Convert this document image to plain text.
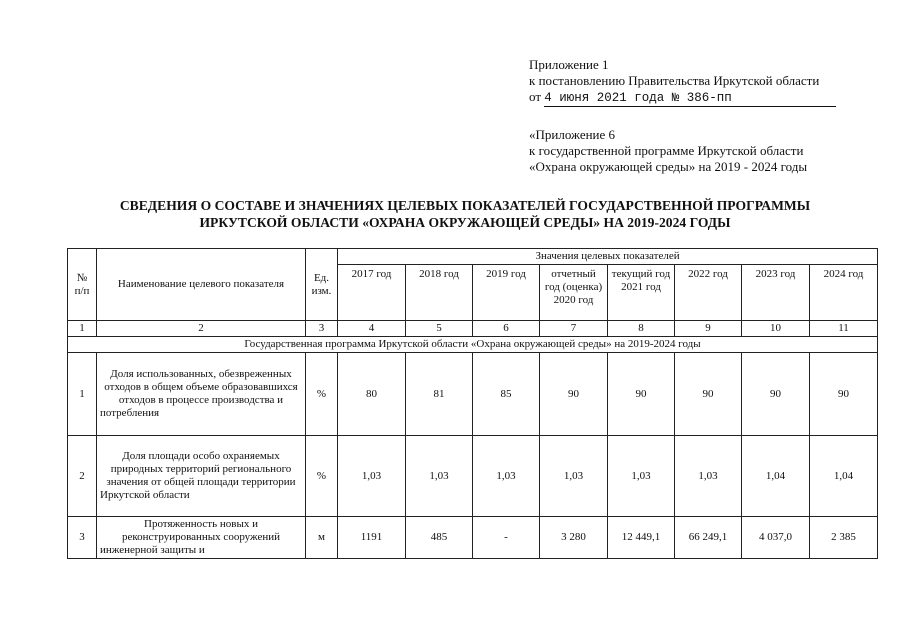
Приложение 1
к постановлению Правительства Иркутской области
от 4 июня 2021 года № 386-пп
«Приложение 6
к государственной программе Иркутской области
«Охрана окружающей среды» на 2019 - 2024 годы
СВЕДЕНИЯ О СОСТАВЕ И ЗНАЧЕНИЯХ ЦЕЛЕВЫХ ПОКАЗАТЕЛЕЙ ГОСУДАРСТВЕННОЙ ПРОГРАММЫ
ИРКУТСКОЙ ОБЛАСТИ «ОХРАНА ОКРУЖАЮЩЕЙ СРЕДЫ» НА 2019-2024 ГОДЫ
№ п/п	Наименование целевого показателя	Ед. изм.	Значения целевых показателей							
			2017 год	2018 год	2019 год	отчетный год (оценка) 2020 год	текущий год 2021 год	2022 год	2023 год	2024 год
1	2	3	4	5	6	7	8	9	10	11
Государственная программа Иркутской области «Охрана окружающей среды» на 2019-2024 годы										
1	Доля использованных, обезвреженных отходов в общем объеме образовавшихся отходов в процессе производства и потребления	%	80	81	85	90	90	90	90	90
2	Доля площади особо охраняемых природных территорий регионального значения от общей площади территории Иркутской области	%	1,03	1,03	1,03	1,03	1,03	1,03	1,04	1,04
3	Протяженность новых и реконструированных сооружений инженерной защиты и	м	1191	485	-	3 280	12 449,1	66 249,1	4 037,0	2 385
